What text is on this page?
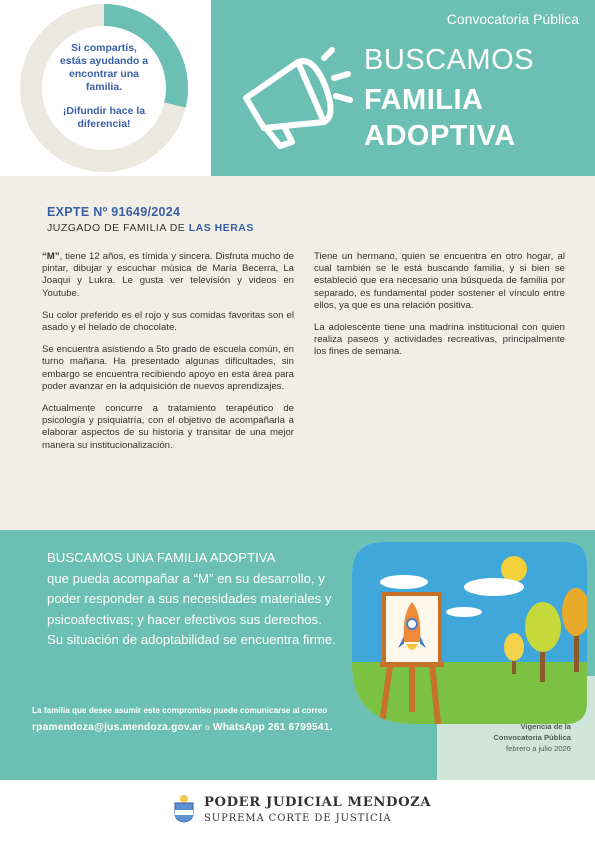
Si compartís, estás ayudando a encontrar una familia.
¡Difundir hace la diferencia!
Convocatoria Pública
BUSCAMOS
FAMILIA
ADOPTIVA
EXPTE Nº 91649/2024
JUZGADO DE FAMILIA DE LAS HERAS

“M”, tiene 12 años, es tímida y sincera. Disfruta mucho de pintar, dibujar y escuchar música de María Becerra, La Joaqui y Lukra. Le gusta ver televisión y videos en Youtube.

Su color preferido es el rojo y sus comidas favoritas son el asado y el helado de chocolate.

Se encuentra asistiendo a 5to grado de escuela común, en turno mañana. Ha presentado algunas dificultades, sin embargo se encuentra recibiendo apoyo en esta área para poder avanzar en la adquisición de nuevos aprendizajes.

Actualmente concurre a tratamiento terapéutico de psicología y psiquiatría, con el objetivo de acompañarla a elaborar aspectos de su historia y transitar de una mejor manera su institucionalización.

Tiene un hermano, quien se encuentra en otro hogar, al cual también se le está buscando familia, y si bien se estableció que era necesario una búsqueda de familia por separado, es fundamental poder sostener el vínculo entre ellos, ya que es una relación positiva.

La adolescente tiene una madrina institucional con quien realiza paseos y actividades recreativas, principalmente los fines de semana.

BUSCAMOS UNA FAMILIA ADOPTIVA
que pueda acompañar a “M” en su desarrollo, y poder responder a sus necesidades materiales y psicoafectivas; y hacer efectivos sus derechos. Su situación de adoptabilidad se encuentra firme.
La familia que desee asumir este compromiso puede comunicarse al correo
rpamendoza@jus.mendoza.gov.ar o WhatsApp 261 6799541.	Vigencia de la
Convocatoria Pública
febrero a julio 2026
PODER JUDICIAL MENDOZA
SUPREMA CORTE DE JUSTICIA
